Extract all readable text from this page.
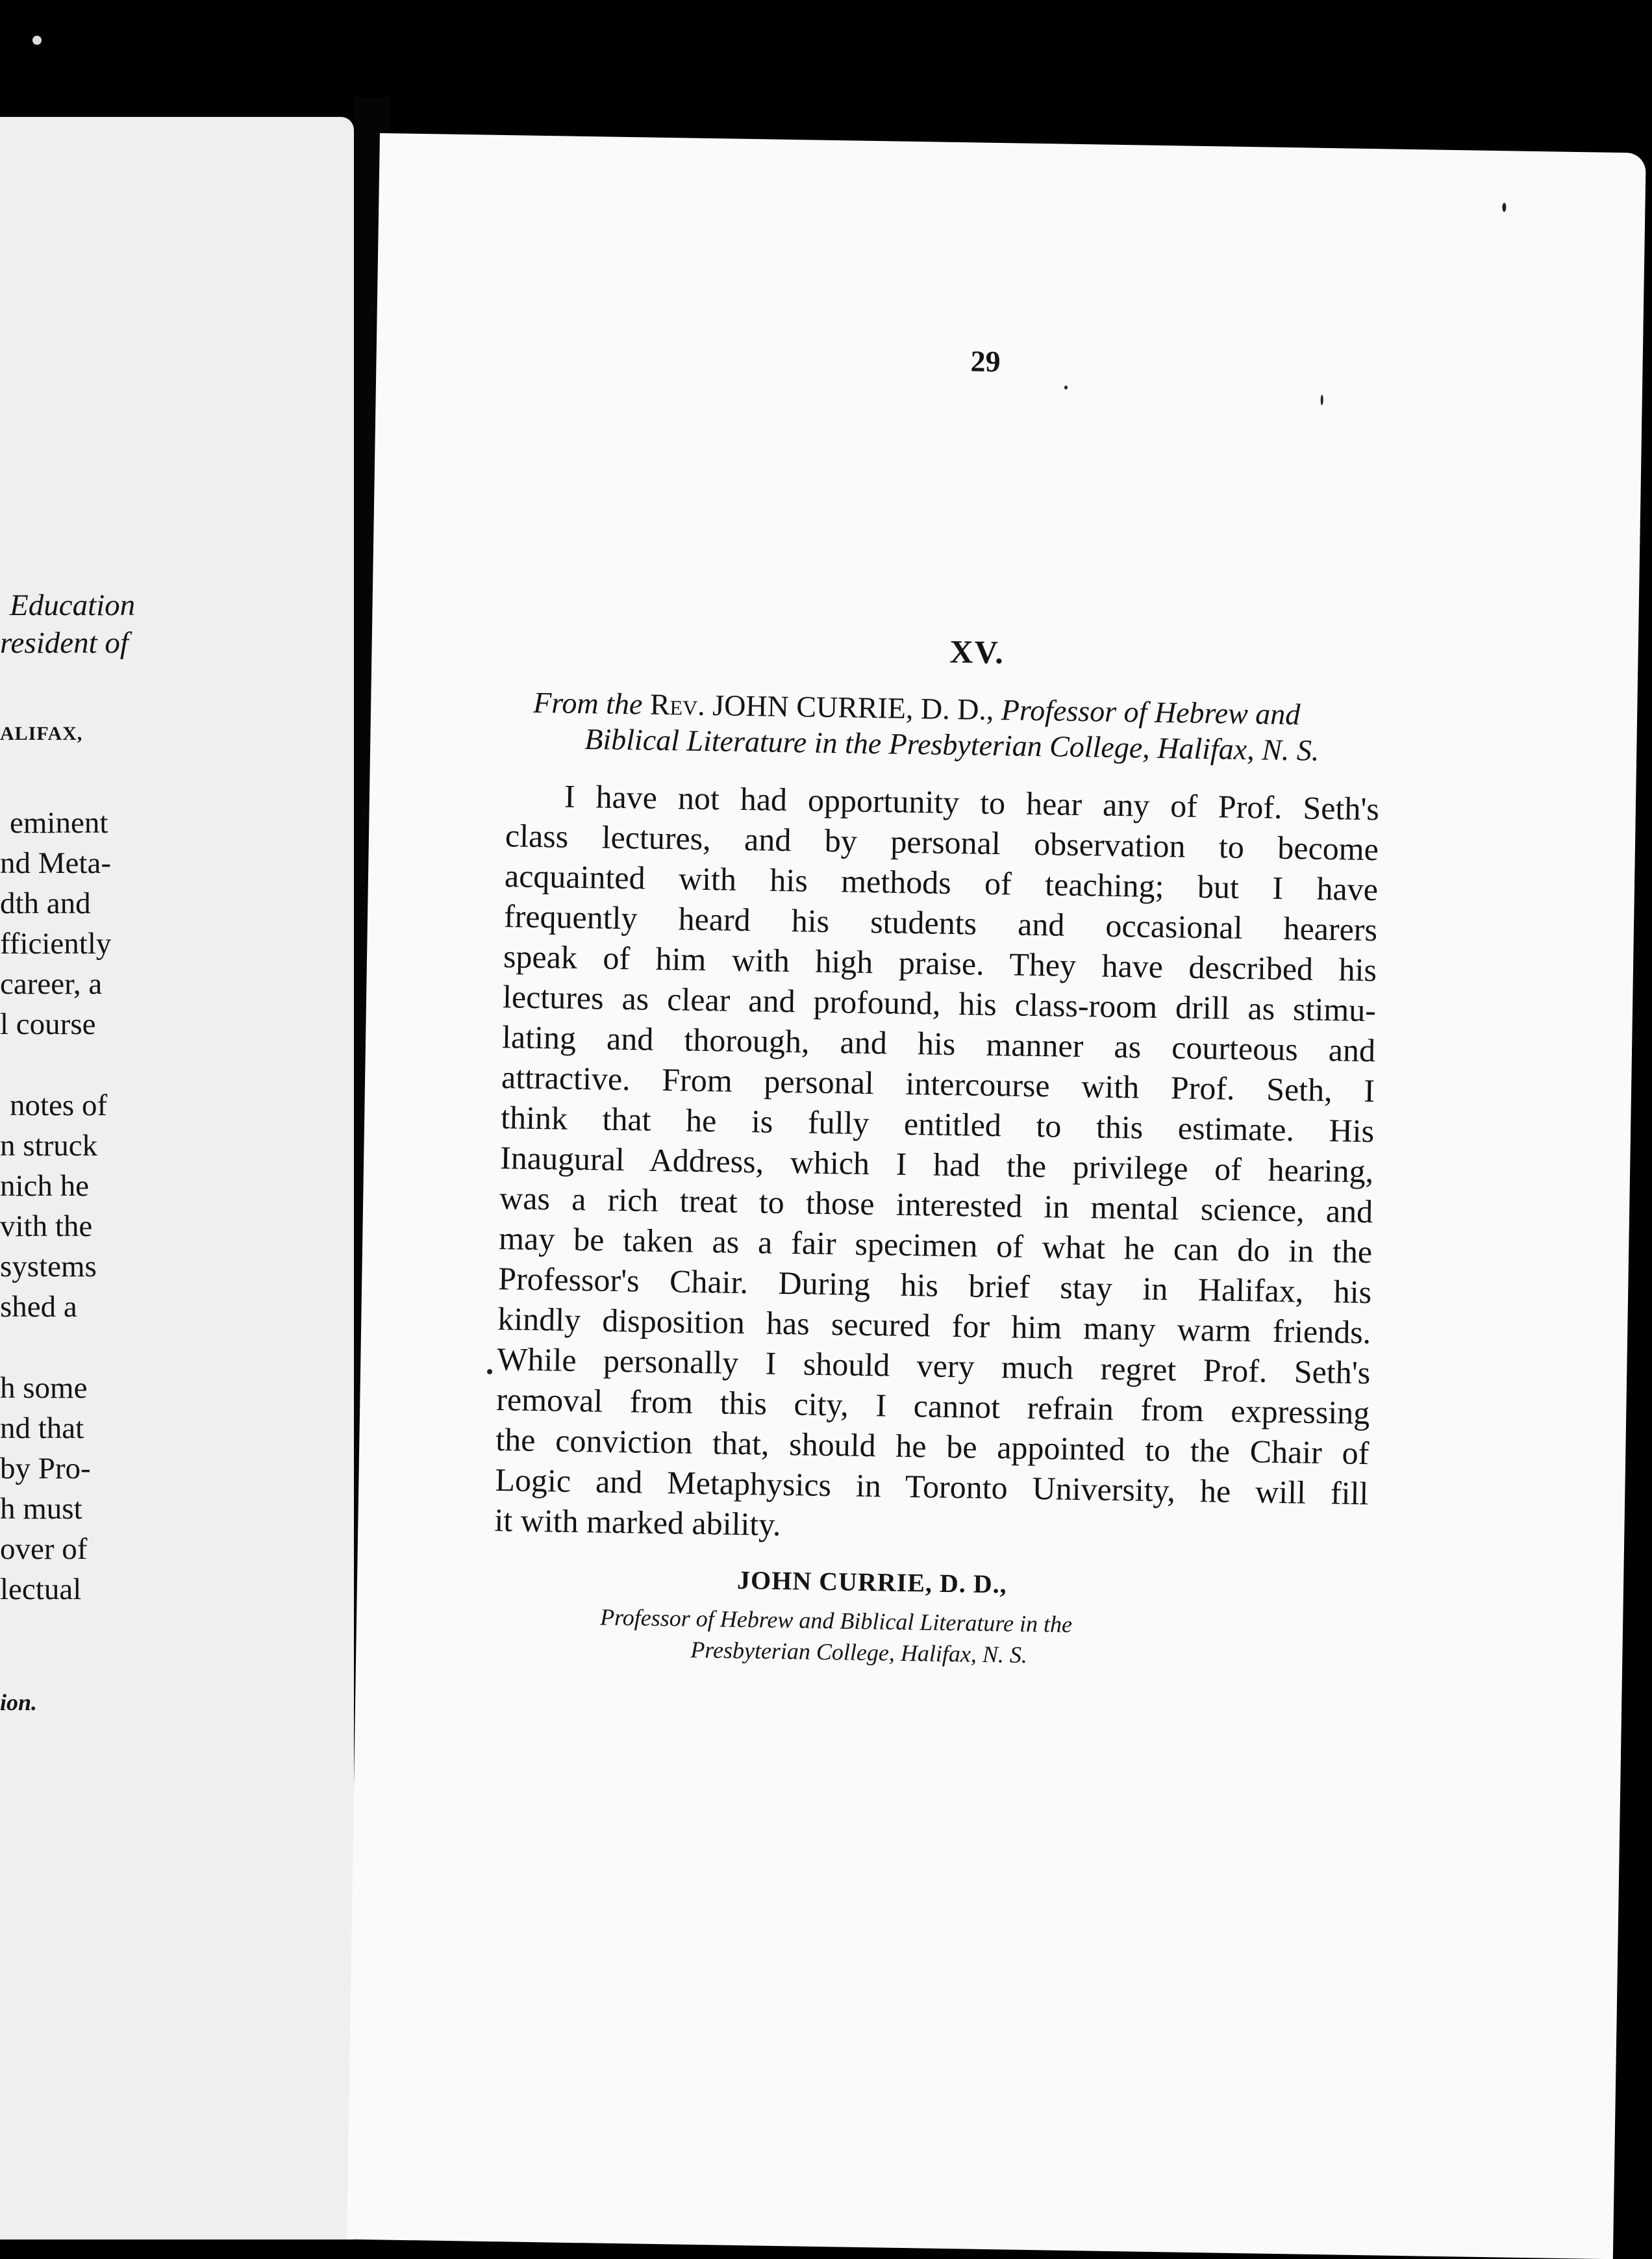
Education
resident of
ALIFAX,
eminent
nd Meta-
dth and
fficiently
career, a
l course
notes of
n struck
nich he
vith the
systems
shed a
h some
nd that
by Pro-
h must
over of
lectual
ion.
29
XV.
From the Rev. JOHN CURRIE, D. D., Professor of Hebrew and
Biblical Literature in the Presbyterian College, Halifax, N. S.
I have not had opportunity to hear any of Prof. Seth's
class lectures, and by personal observation to become
acquainted with his methods of teaching; but I have
frequently heard his students and occasional hearers
speak of him with high praise. They have described his
lectures as clear and profound, his class-room drill as stimu-
lating and thorough, and his manner as courteous and
attractive. From personal intercourse with Prof. Seth, I
think that he is fully entitled to this estimate. His
Inaugural Address, which I had the privilege of hearing,
was a rich treat to those interested in mental science, and
may be taken as a fair specimen of what he can do in the
Professor's Chair. During his brief stay in Halifax, his
kindly disposition has secured for him many warm friends.
While personally I should very much regret Prof. Seth's
removal from this city, I cannot refrain from expressing
the conviction that, should he be appointed to the Chair of
Logic and Metaphysics in Toronto University, he will fill
it with marked ability.
JOHN CURRIE, D. D.,
Professor of Hebrew and Biblical Literature in the
Presbyterian College, Halifax, N. S.
